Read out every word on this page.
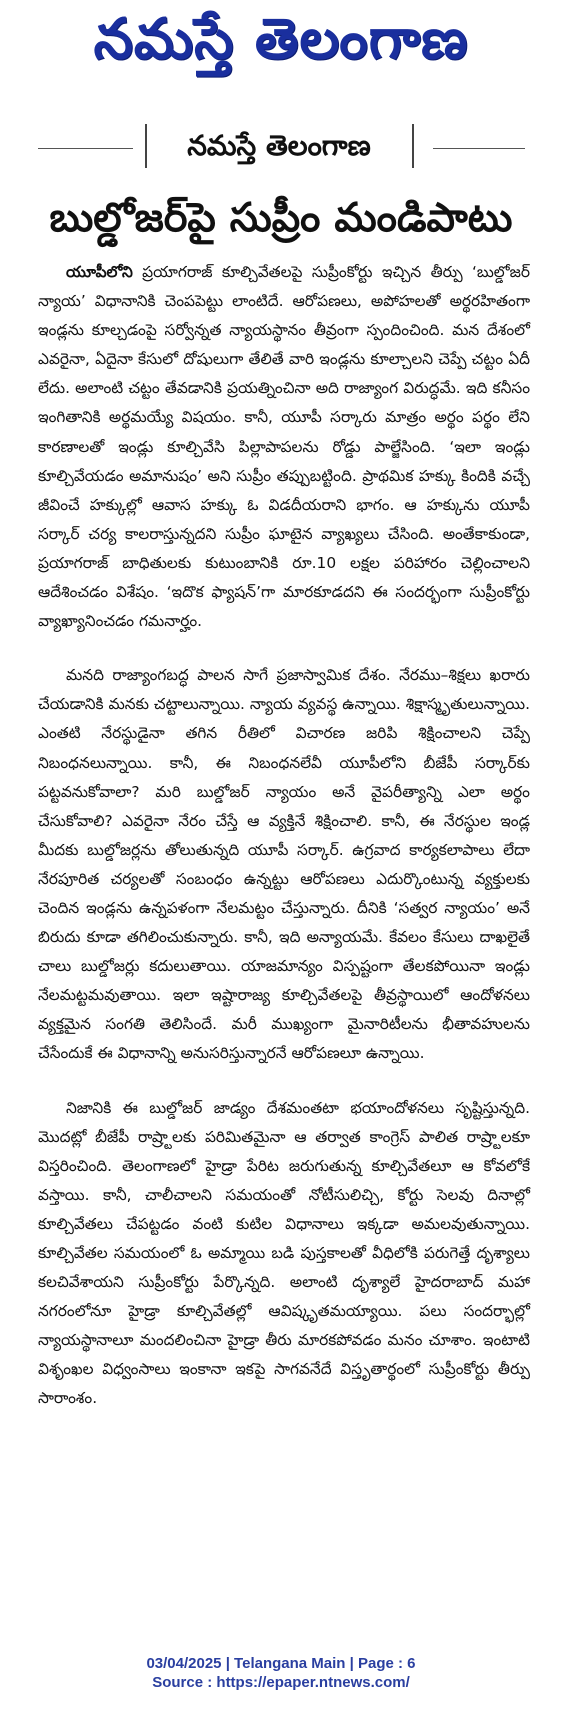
నమస్తే తెలంగాణ
నమస్తే తెలంగాణ
బుల్డోజర్‌పై సుప్రీం మండిపాటు

యూపీలోని ప్రయాగరాజ్ కూల్చివేతలపై సుప్రీంకోర్టు ఇచ్చిన తీర్పు ‘బుల్డోజర్ న్యాయ’ విధానానికి చెంపపెట్టు లాంటిదే. ఆరోపణలు, అపోహలతో అర్థరహితంగా ఇండ్లను కూల్చడంపై సర్వోన్నత న్యాయస్థానం తీవ్రంగా స్పందించింది. మన దేశంలో ఎవరైనా, ఏదైనా కేసులో దోషులుగా తేలితే వారి ఇండ్లను కూల్చాలని చెప్పే చట్టం ఏదీ లేదు. అలాంటి చట్టం తేవడానికి ప్రయత్నించినా అది రాజ్యాంగ విరుద్ధమే. ఇది కనీసం ఇంగితానికి అర్థమయ్యే విషయం. కానీ, యూపీ సర్కారు మాత్రం అర్థం పర్థం లేని కారణాలతో ఇండ్లు కూల్చివేసి పిల్లాపాపలను రోడ్డు పాల్జేసింది. ‘ఇలా ఇండ్లు కూల్చివేయడం అమానుషం’ అని సుప్రీం తప్పుబట్టింది. ప్రాథమిక హక్కు కిందికి వచ్చే జీవించే హక్కుల్లో ఆవాస హక్కు ఓ విడదీయరాని భాగం. ఆ హక్కును యూపీ సర్కార్ చర్య కాలరాస్తున్నదని సుప్రీం ఘాటైన వ్యాఖ్యలు చేసింది. అంతేకాకుండా, ప్రయాగరాజ్ బాధితులకు కుటుంబానికి రూ.10 లక్షల పరిహారం చెల్లించాలని ఆదేశించడం విశేషం. ‘ఇదొక ఫ్యాషన్’గా మారకూడదని ఈ సందర్భంగా సుప్రీంకోర్టు వ్యాఖ్యానించడం గమనార్హం.

మనది రాజ్యాంగబద్ధ పాలన సాగే ప్రజాస్వామిక దేశం. నేరము–శిక్షలు ఖరారు చేయడానికి మనకు చట్టాలున్నాయి. న్యాయ వ్యవస్థ ఉన్నాయి. శిక్షాస్మృతులున్నాయి. ఎంతటి నేరస్థుడైనా తగిన రీతిలో విచారణ జరిపి శిక్షించాలని చెప్పే నిబంధనలున్నాయి. కానీ, ఈ నిబంధనలేవీ యూపీలోని బీజేపీ సర్కార్‌కు పట్టవనుకోవాలా? మరి బుల్డోజర్ న్యాయం అనే వైపరీత్యాన్ని ఎలా అర్థం చేసుకోవాలి? ఎవరైనా నేరం చేస్తే ఆ వ్యక్తినే శిక్షించాలి. కానీ, ఈ నేరస్థుల ఇండ్ల మీదకు బుల్డోజర్లను తోలుతున్నది యూపీ సర్కార్. ఉగ్రవాద కార్యకలాపాలు లేదా నేరపూరిత చర్యలతో సంబంధం ఉన్నట్టు ఆరోపణలు ఎదుర్కొంటున్న వ్యక్తులకు చెందిన ఇండ్లను ఉన్నపళంగా నేలమట్టం చేస్తున్నారు. దీనికి ‘సత్వర న్యాయం’ అనే బిరుదు కూడా తగిలించుకున్నారు. కానీ, ఇది అన్యాయమే. కేవలం కేసులు దాఖలైతే చాలు బుల్డోజర్లు కదులుతాయి. యాజమాన్యం విస్పష్టంగా తేలకపోయినా ఇండ్లు నేలమట్టమవుతాయి. ఇలా ఇష్టారాజ్య కూల్చివేతలపై తీవ్రస్థాయిలో ఆందోళనలు వ్యక్తమైన సంగతి తెలిసిందే. మరీ ముఖ్యంగా మైనారిటీలను భీతావహులను చేసేందుకే ఈ విధానాన్ని అనుసరిస్తున్నారనే ఆరోపణలూ ఉన్నాయి.

నిజానికి ఈ బుల్డోజర్ జాడ్యం దేశమంతటా భయాందోళనలు సృష్టిస్తున్నది. మొదట్లో బీజేపీ రాష్ర్టాలకు పరిమితమైనా ఆ తర్వాత కాంగ్రెస్ పాలిత రాష్ర్టాలకూ విస్తరించింది. తెలంగాణలో హైడ్రా పేరిట జరుగుతున్న కూల్చివేతలూ ఆ కోవలోకే వస్తాయి. కానీ, చాలీచాలని సమయంతో నోటీసులిచ్చి, కోర్టు సెలవు దినాల్లో కూల్చివేతలు చేపట్టడం వంటి కుటిల విధానాలు ఇక్కడా అమలవుతున్నాయి. కూల్చివేతల సమయంలో ఓ అమ్మాయి బడి పుస్తకాలతో వీధిలోకి పరుగెత్తే దృశ్యాలు కలచివేశాయని సుప్రీంకోర్టు పేర్కొన్నది. అలాంటి దృశ్యాలే హైదరాబాద్ మహా నగరంలోనూ హైడ్రా కూల్చివేతల్లో ఆవిష్కృతమయ్యాయి. పలు సందర్భాల్లో న్యాయస్థానాలూ మందలించినా హైడ్రా తీరు మారకపోవడం మనం చూశాం. ఇంటాటి విశృంఖల విధ్వంసాలు ఇంకానా ఇకపై సాగవనేదే విస్తృతార్థంలో సుప్రీంకోర్టు తీర్పు సారాంశం.

03/04/2025 | Telangana Main | Page : 6
Source : https://epaper.ntnews.com/
